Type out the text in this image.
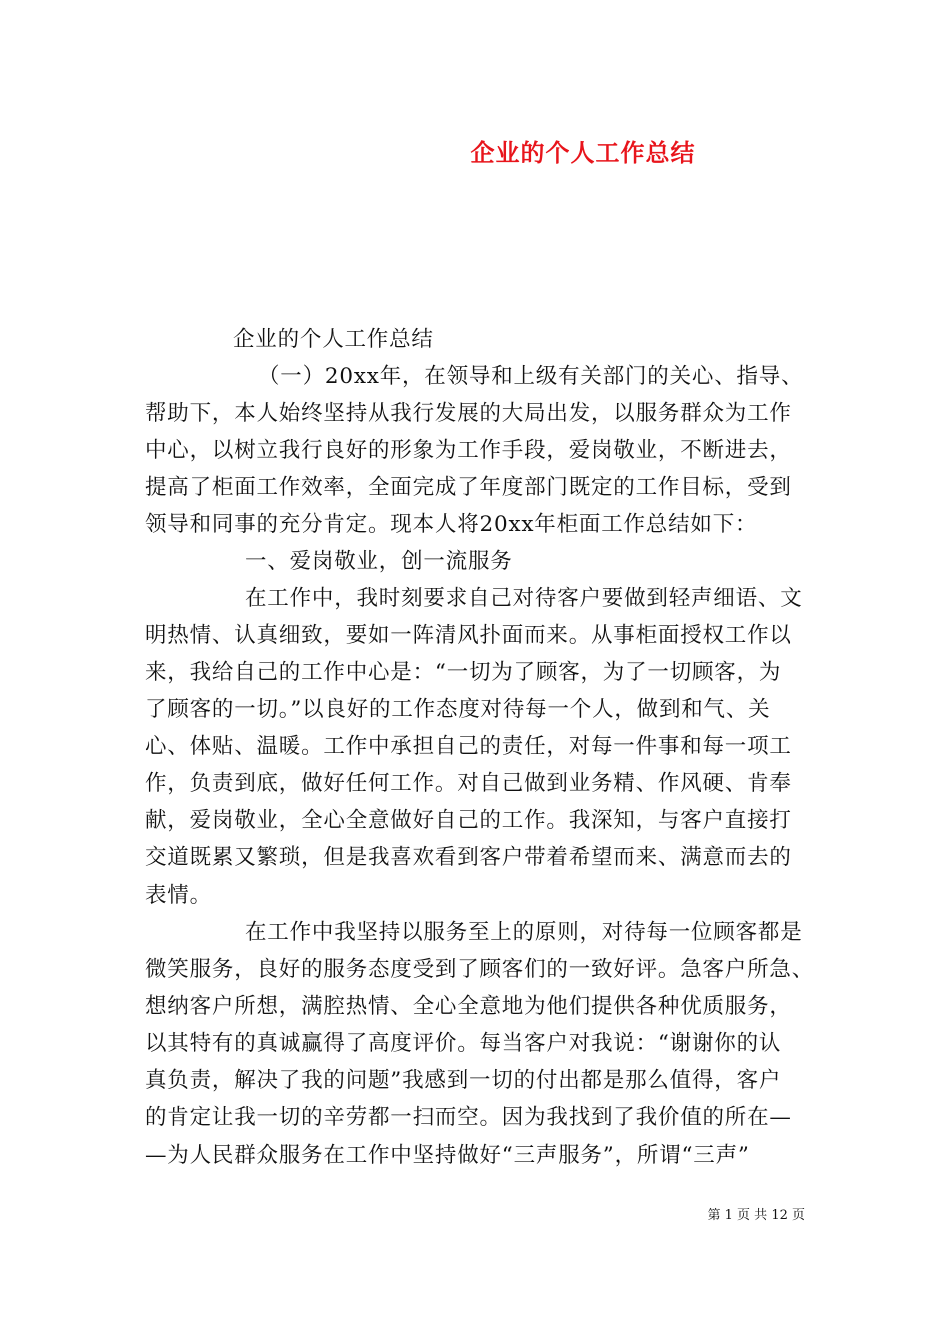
企业的个人工作总结
企业的个人工作总结
（一）20xx年，在领导和上级有关部门的关心、指导、
帮助下，本人始终坚持从我行发展的大局出发，以服务群众为工作
中心，以树立我行良好的形象为工作手段，爱岗敬业，不断进去，
提高了柜面工作效率，全面完成了年度部门既定的工作目标，受到
领导和同事的充分肯定。现本人将20xx年柜面工作总结如下：
一、爱岗敬业，创一流服务
在工作中，我时刻要求自己对待客户要做到轻声细语、文
明热情、认真细致，要如一阵清风扑面而来。从事柜面授权工作以
来，我给自己的工作中心是：“一切为了顾客，为了一切顾客，为
了顾客的一切。”以良好的工作态度对待每一个人，做到和气、关
心、体贴、温暖。工作中承担自己的责任，对每一件事和每一项工
作，负责到底，做好任何工作。对自己做到业务精、作风硬、肯奉
献，爱岗敬业，全心全意做好自己的工作。我深知，与客户直接打
交道既累又繁琐，但是我喜欢看到客户带着希望而来、满意而去的
表情。
在工作中我坚持以服务至上的原则，对待每一位顾客都是
微笑服务，良好的服务态度受到了顾客们的一致好评。急客户所急、
想纳客户所想，满腔热情、全心全意地为他们提供各种优质服务，
以其特有的真诚赢得了高度评价。每当客户对我说：“谢谢你的认
真负责，解决了我的问题”我感到一切的付出都是那么值得，客户
的肯定让我一切的辛劳都一扫而空。因为我找到了我价值的所在—
—为人民群众服务在工作中坚持做好“三声服务”，所谓“三声”
第 1 页 共 12 页
